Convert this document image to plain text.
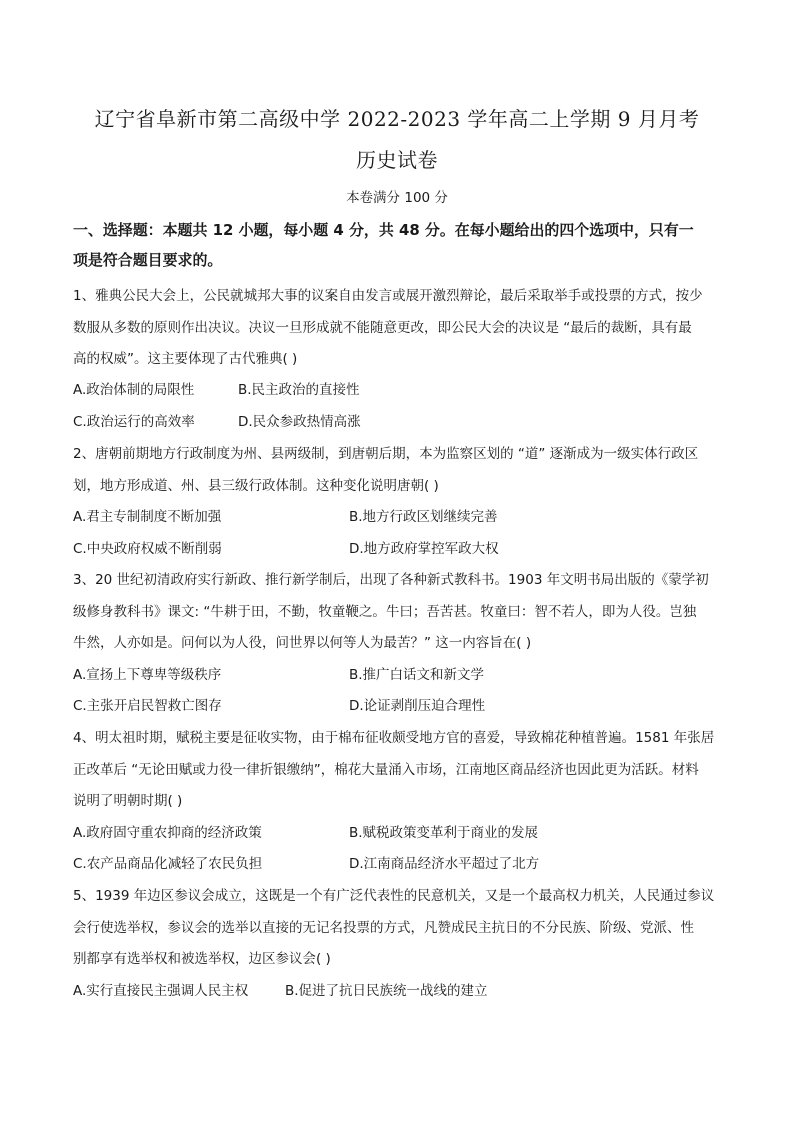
辽宁省阜新市第二高级中学 2022-2023 学年高二上学期 9 月月考
历史试卷
本卷满分 100 分
一、选择题：本题共 12 小题，每小题 4 分，共 48 分。在每小题给出的四个选项中，只有一
项是符合题目要求的。
1、雅典公民大会上，公民就城邦大事的议案自由发言或展开激烈辩论，最后采取举手或投票的方式，按少
数服从多数的原则作出决议。决议一旦形成就不能随意更改，即公民大会的决议是 “最后的裁断，具有最
高的权威”。这主要体现了古代雅典( )
A.政治体制的局限性	B.民主政治的直接性
C.政治运行的高效率	D.民众参政热情高涨
2、唐朝前期地方行政制度为州、县两级制，到唐朝后期，本为监察区划的 “道” 逐渐成为一级实体行政区
划，地方形成道、州、县三级行政体制。这种变化说明唐朝( )
A.君主专制制度不断加强	B.地方行政区划继续完善
C.中央政府权威不断削弱	D.地方政府掌控军政大权
3、20 世纪初清政府实行新政、推行新学制后，出现了各种新式教科书。1903 年文明书局出版的《蒙学初
级修身教科书》课文: “牛耕于田，不勤，牧童鞭之。牛曰；吾苦甚。牧童曰：智不若人，即为人役。岂独
牛然，人亦如是。问何以为人役，问世界以何等人为最苦？” 这一内容旨在( )
A.宣扬上下尊卑等级秩序	B.推广白话文和新文学
C.主张开启民智救亡图存	D.论证剥削压迫合理性
4、明太祖时期，赋税主要是征收实物，由于棉布征收颇受地方官的喜爱，导致棉花种植普遍。1581 年张居
正改革后 “无论田赋或力役一律折银缴纳”，棉花大量涌入市场，江南地区商品经济也因此更为活跃。材料
说明了明朝时期( )
A.政府固守重农抑商的经济政策	B.赋税政策变革利于商业的发展
C.农产品商品化减轻了农民负担	D.江南商品经济水平超过了北方
5、1939 年边区参议会成立，这既是一个有广泛代表性的民意机关，又是一个最高权力机关，人民通过参议
会行使选举权，参议会的选举以直接的无记名投票的方式，凡赞成民主抗日的不分民族、阶级、党派、性
别都享有选举权和被选举权，边区参议会( )
A.实行直接民主强调人民主权	B.促进了抗日民族统一战线的建立
